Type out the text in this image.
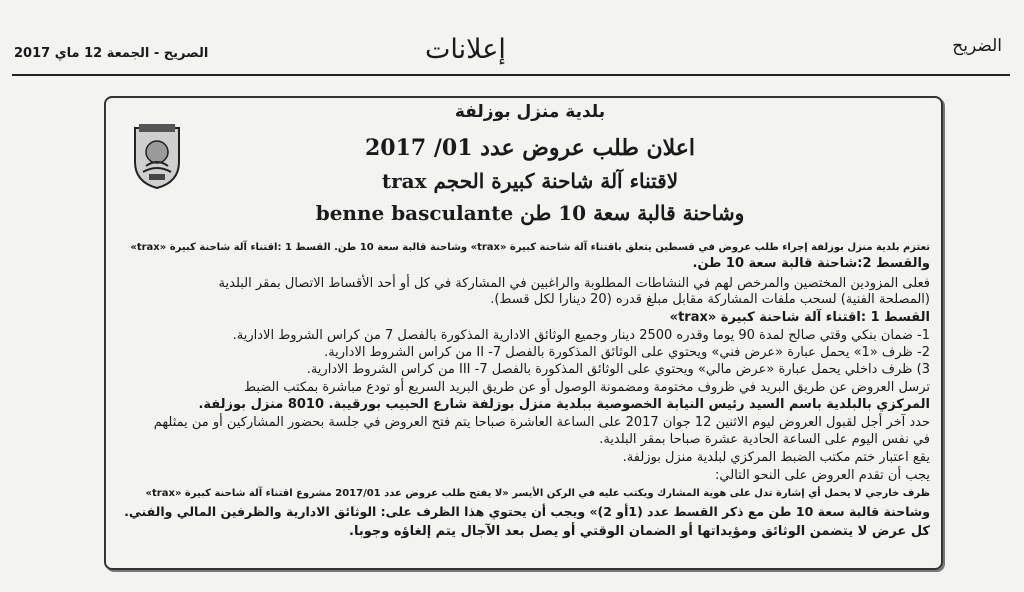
الصريح - الجمعة 12 ماي 2017	إعلانات	الضريح
بلدية منزل بوزلفة
اعلان طلب عروض عدد 01/ 2017
لاقتناء آلة شاحنة كبيرة الحجم trax
وشاحنة قالبة سعة 10 طن benne basculante
تعتزم بلدية منزل بوزلفة إجراء طلب عروض في قسطين يتعلق باقتناء آلة شاحنة كبيرة «trax» وشاحنة قالبة سعة 10 طن. القسط 1 :اقتناء آلة شاحنة كبيرة «trax»
والقسط 2:شاحنة قالبة سعة 10 طن.
فعلى المزودين المختصين والمرخص لهم في النشاطات المطلوبة والراغبين في المشاركة في كل أو أحد الأقساط الاتصال بمقر البلدية
(المصلحة الفنية) لسحب ملفات المشاركة مقابل مبلغ قدره (20 دينارا لكل قسط).
القسط 1 :اقتناء آلة شاحنة كبيرة «trax»
1- ضمان بنكي وقتي صالح لمدة 90 يوما وقدره 2500 دينار وجميع الوثائق الادارية المذكورة بالفصل 7 من كراس الشروط الادارية.
2- ظرف «1» يحمل عبارة «عرض فني» ويحتوي على الوثائق المذكورة بالفصل 7- II من كراس الشروط الادارية.
3) ظرف داخلي يحمل عبارة «عرض مالي» ويحتوي على الوثائق المذكورة بالفصل 7- III من كراس الشروط الادارية.
ترسل العروض عن طريق البريد في ظروف مختومة ومضمونة الوصول أو عن طريق البريد السريع أو تودع مباشرة بمكتب الضبط
المركزي بالبلدية باسم السيد رئيس النيابة الخصوصية ببلدية منزل بوزلفة شارع الحبيب بورقيبة. 8010 منزل بوزلفة.
حدد آخر أجل لقبول العروض ليوم الاثنين 12 جوان 2017 على الساعة العاشرة صباحا يتم فتح العروض في جلسة بحضور المشاركين أو من يمثلهم
في نفس اليوم على الساعة الحادية عشرة صباحا بمقر البلدية.
يقع اعتبار ختم مكتب الضبط المركزي لبلدية منزل بوزلفة.
يجب أن تقدم العروض على النحو التالي:
ظرف خارجي لا يحمل أي إشارة تدل على هوية المشارك ويكتب عليه في الركن الأيسر «لا يفتح طلب عروض عدد 2017/01 مشروع اقتناء آلة شاحنة كبيرة «trax»
وشاحنة قالبة سعة 10 طن مع ذكر القسط عدد (1أو 2)» ويجب أن يحتوي هذا الظرف على: الوثائق الادارية والظرفين المالي والفني.
كل عرض لا يتضمن الوثائق ومؤيداتها أو الضمان الوقتي أو يصل بعد الآجال يتم إلغاؤه وجوبا.
